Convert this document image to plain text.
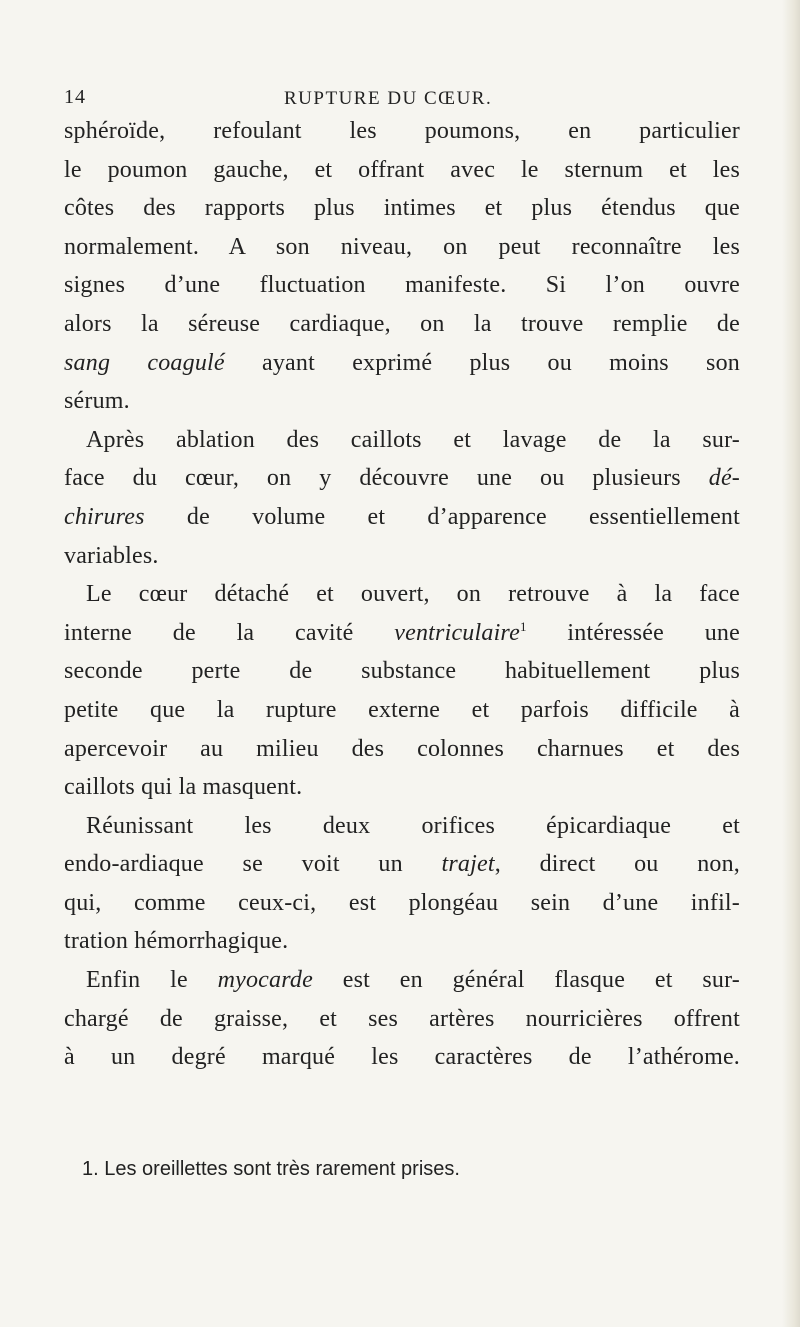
14	RUPTURE DU CŒUR.
sphéroïde, refoulant les poumons, en particulier
le poumon gauche, et offrant avec le sternum et les
côtes des rapports plus intimes et plus étendus que
normalement. A son niveau, on peut reconnaître les
signes d’une fluctuation manifeste. Si l’on ouvre
alors la séreuse cardiaque, on la trouve remplie de
sang coagulé ayant exprimé plus ou moins son
sérum.
Après ablation des caillots et lavage de la sur-
face du cœur, on y découvre une ou plusieurs dé-
chirures de volume et d’apparence essentiellement
variables.
Le cœur détaché et ouvert, on retrouve à la face
interne de la cavité ventriculaire$^1$ intéressée une
seconde perte de substance habituellement plus
petite que la rupture externe et parfois difficile à
apercevoir au milieu des colonnes charnues et des
caillots qui la masquent.
Réunissant les deux orifices épicardiaque et
endo-ardiaque se voit un trajet, direct ou non,
qui, comme ceux-ci, est plongéau sein d’une infil-
tration hémorrhagique.
Enfin le myocarde est en général flasque et sur-
chargé de graisse, et ses artères nourricières offrent
à un degré marqué les caractères de l’athérome.
1. Les oreillettes sont très rarement prises.
